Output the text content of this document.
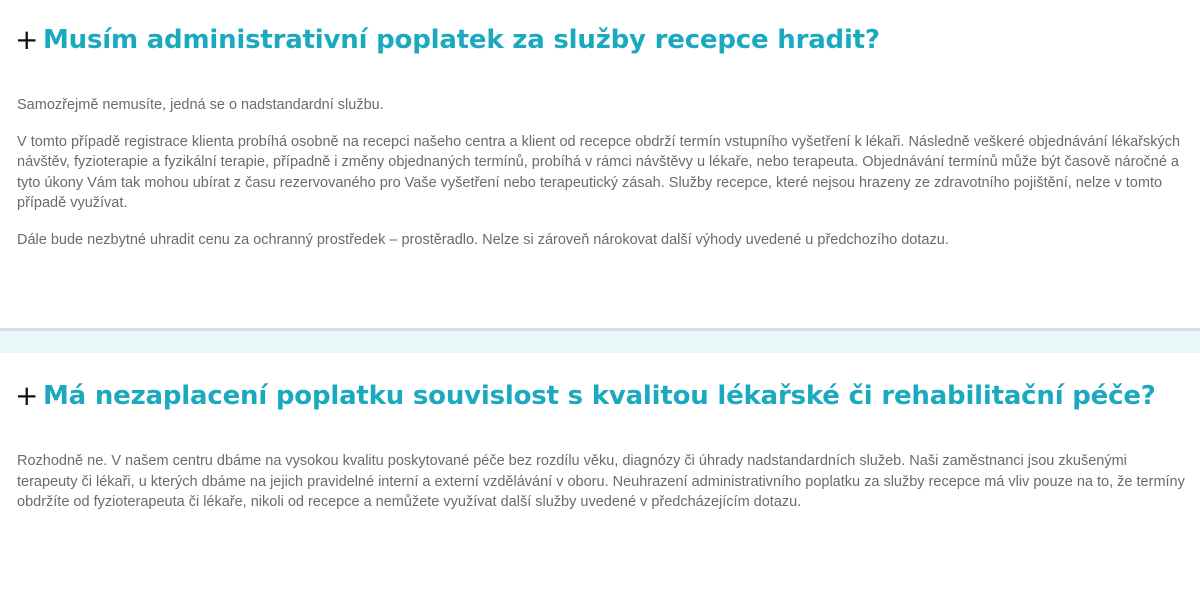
+ Musím administrativní poplatek za služby recepce hradit?

Samozřejmě nemusíte, jedná se o nadstandardní službu.

V tomto případě registrace klienta probíhá osobně na recepci našeho centra a klient od recepce obdrží termín vstupního vyšetření k lékaři. Následně veškeré objednávání lékařských návštěv, fyzioterapie a fyzikální terapie, případně i změny objednaných termínů, probíhá v rámci návštěvy u lékaře, nebo terapeuta. Objednávání termínů může být časově náročné a tyto úkony Vám tak mohou ubírat z času rezervovaného pro Vaše vyšetření nebo terapeutický zásah. Služby recepce, které nejsou hrazeny ze zdravotního pojištění, nelze v tomto případě využívat.

Dále bude nezbytné uhradit cenu za ochranný prostředek – prostěradlo. Nelze si zároveň nárokovat další výhody uvedené u předchozího dotazu.

+ Má nezaplacení poplatku souvislost s kvalitou lékařské či rehabilitační péče?

Rozhodně ne. V našem centru dbáme na vysokou kvalitu poskytované péče bez rozdílu věku, diagnózy či úhrady nadstandardních služeb. Naši zaměstnanci jsou zkušenými terapeuty či lékaři, u kterých dbáme na jejich pravidelné interní a externí vzdělávání v oboru. Neuhrazení administrativního poplatku za služby recepce má vliv pouze na to, že termíny obdržíte od fyzioterapeuta či lékaře, nikoli od recepce a nemůžete využívat další služby uvedené v předcházejícím dotazu.
